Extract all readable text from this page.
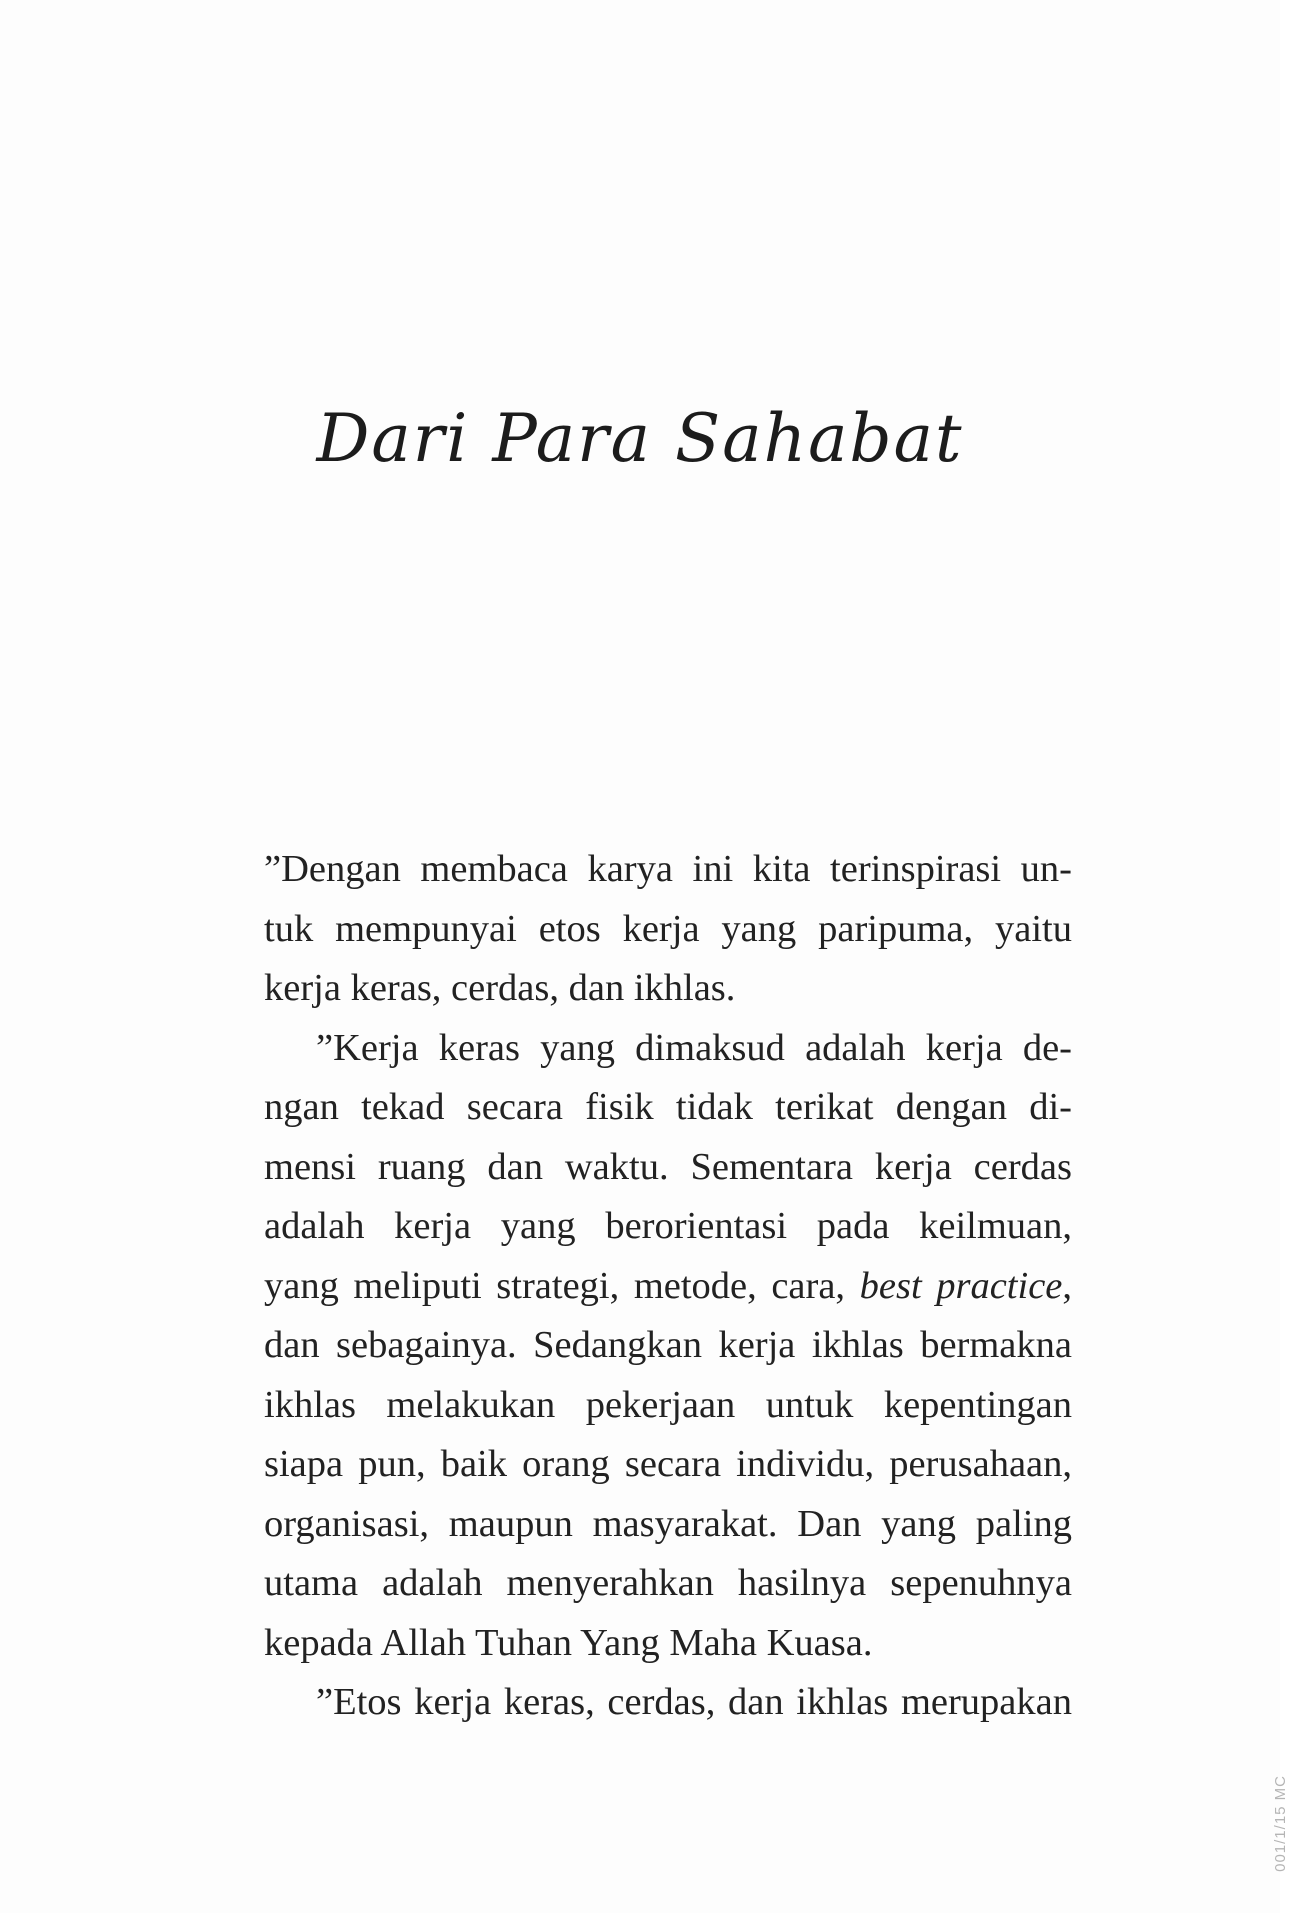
Dari Para Sahabat
”Dengan membaca karya ini kita terinspirasi un-
tuk mempunyai etos kerja yang paripuma, yaitu
kerja keras, cerdas, dan ikhlas.
”Kerja keras yang dimaksud adalah kerja de-
ngan tekad secara fisik tidak terikat dengan di-
mensi ruang dan waktu. Sementara kerja cerdas
adalah kerja yang berorientasi pada keilmuan,
yang meliputi strategi, metode, cara, best practice,
dan sebagainya. Sedangkan kerja ikhlas bermakna
ikhlas melakukan pekerjaan untuk kepentingan
siapa pun, baik orang secara individu, perusahaan,
organisasi, maupun masyarakat. Dan yang paling
utama adalah menyerahkan hasilnya sepenuhnya
kepada Allah Tuhan Yang Maha Kuasa.
”Etos kerja keras, cerdas, dan ikhlas merupakan
001/1/15 MC
